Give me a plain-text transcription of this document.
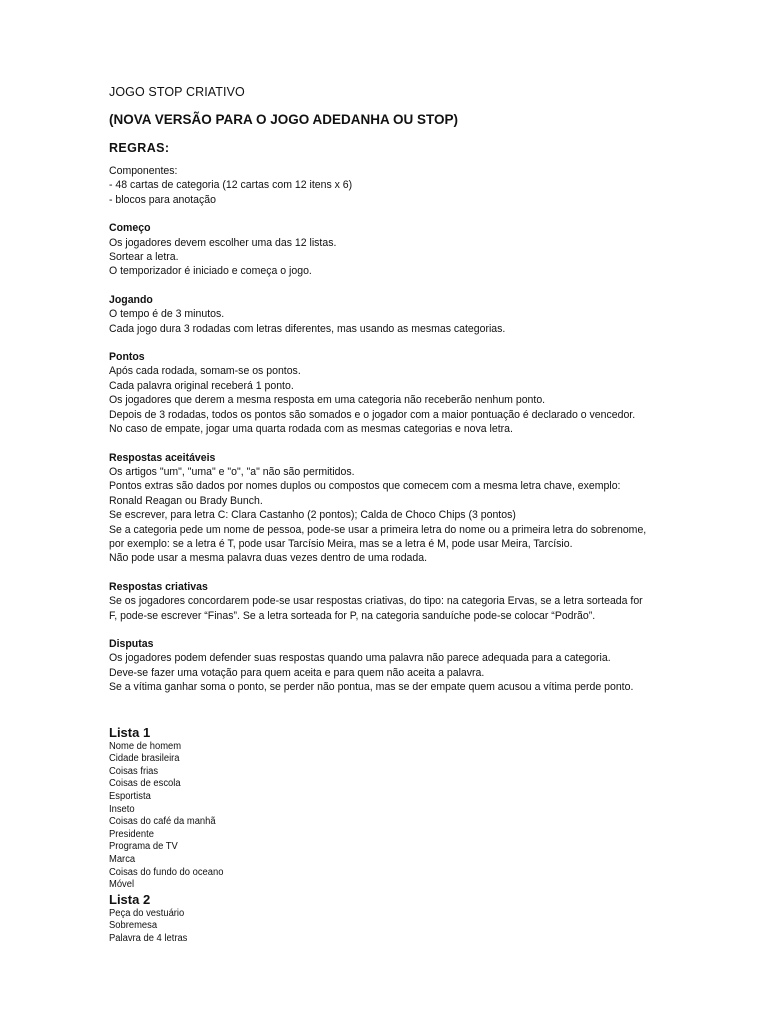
JOGO STOP CRIATIVO
(NOVA VERSÃO PARA O JOGO ADEDANHA OU STOP)
REGRAS:
Componentes:
- 48 cartas de categoria (12 cartas com 12 itens x 6)
- blocos para anotação
Começo
Os jogadores devem escolher uma das 12 listas.
Sortear a letra.
O temporizador é iniciado e começa o jogo.
Jogando
O tempo é de 3 minutos.
Cada jogo dura 3 rodadas com letras diferentes, mas usando as mesmas categorias.
Pontos
Após cada rodada, somam-se os pontos.
Cada palavra original receberá 1 ponto.
Os jogadores que derem a mesma resposta em uma categoria não receberão nenhum ponto.
Depois de 3 rodadas, todos os pontos são somados e o jogador com a maior pontuação é declarado o vencedor.
No caso de empate, jogar uma quarta rodada com as mesmas categorias e nova letra.
Respostas aceitáveis
Os artigos "um", "uma" e "o", "a" não são permitidos.
Pontos extras são dados por nomes duplos ou compostos que comecem com a mesma letra chave, exemplo:
Ronald Reagan ou Brady Bunch.
Se escrever, para letra C: Clara Castanho (2 pontos); Calda de Choco Chips (3 pontos)
Se a categoria pede um nome de pessoa, pode-se usar a primeira letra do nome ou a primeira letra do sobrenome,
por exemplo: se a letra é T, pode usar Tarcísio Meira, mas se a letra é M, pode usar Meira, Tarcísio.
Não pode usar a mesma palavra duas vezes dentro de uma rodada.
Respostas criativas
Se os jogadores concordarem pode-se usar respostas criativas, do tipo: na categoria Ervas, se a letra sorteada for
F, pode-se escrever “Finas”. Se a letra sorteada for P, na categoria sanduíche pode-se colocar “Podrão”.
Disputas
Os jogadores podem defender suas respostas quando uma palavra não parece adequada para a categoria.
Deve-se fazer uma votação para quem aceita e para quem não aceita a palavra.
Se a vítima ganhar soma o ponto, se perder não pontua, mas se der empate quem acusou a vítima perde ponto.
Lista 1
Nome de homem
Cidade brasileira
Coisas frias
Coisas de escola
Esportista
Inseto
Coisas do café da manhã
Presidente
Programa de TV
Marca
Coisas do fundo do oceano
Móvel
Lista 2
Peça do vestuário
Sobremesa
Palavra de 4 letras
